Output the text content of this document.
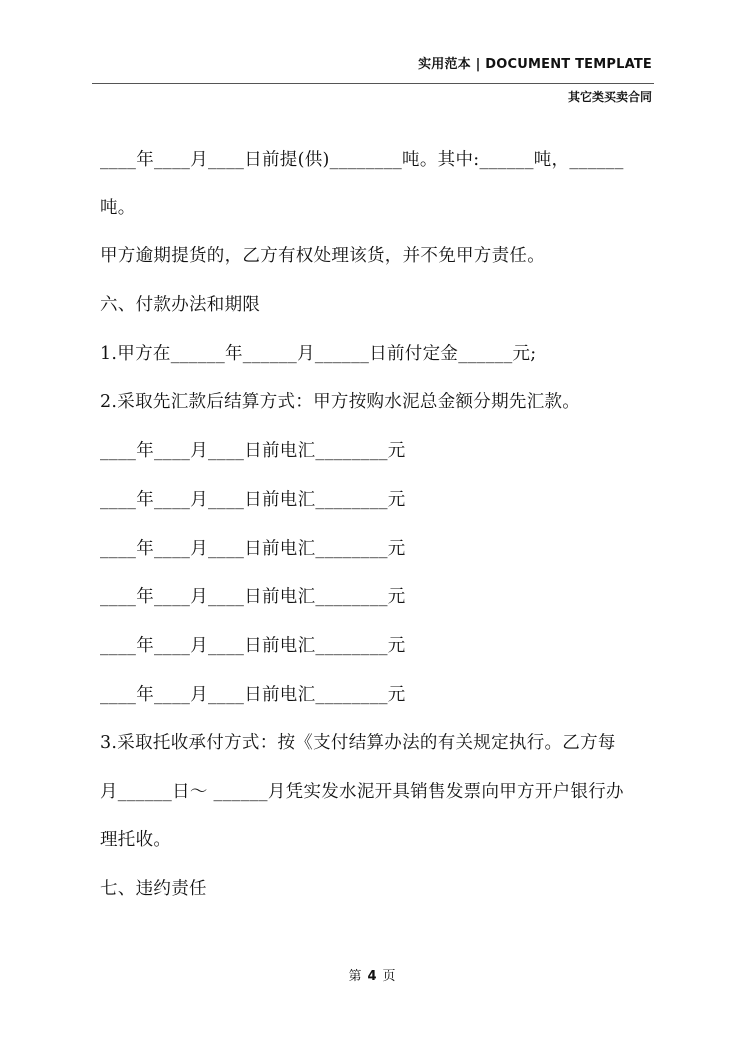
实用范本 | DOCUMENT TEMPLATE
其它类买卖合同
____年____月____日前提(供)________吨。其中:______吨，______
吨。
甲方逾期提货的，乙方有权处理该货，并不免甲方责任。
六、付款办法和期限
1.甲方在______年______月______日前付定金______元;
2.采取先汇款后结算方式：甲方按购水泥总金额分期先汇款。
____年____月____日前电汇________元
____年____月____日前电汇________元
____年____月____日前电汇________元
____年____月____日前电汇________元
____年____月____日前电汇________元
____年____月____日前电汇________元
3.采取托收承付方式：按《支付结算办法的有关规定执行。乙方每
月______日～ ______月凭实发水泥开具销售发票向甲方开户银行办
理托收。
七、违约责任
第 4 页
